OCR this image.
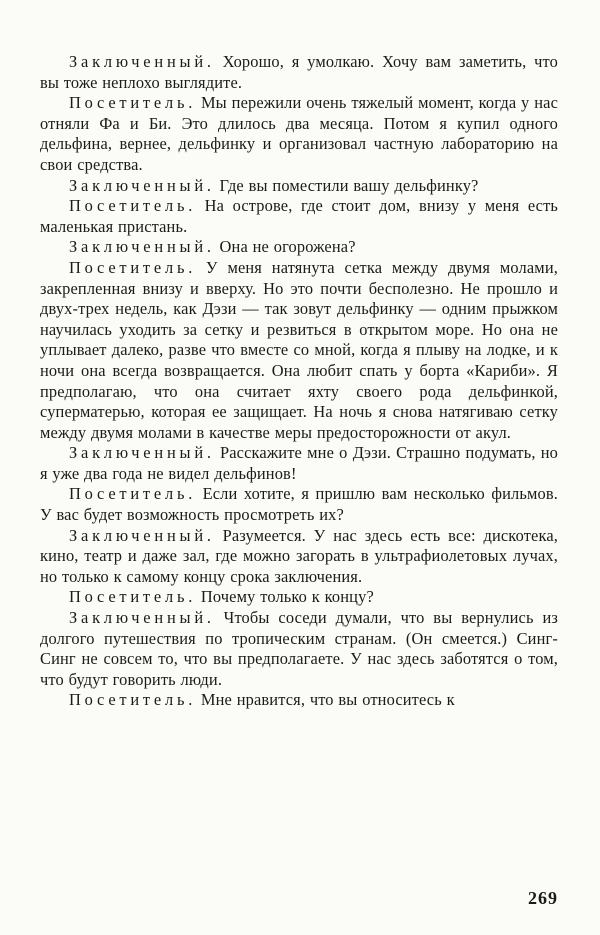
Заключенный. Хорошо, я умолкаю. Хочу вам заметить, что вы тоже неплохо выглядите.

Посетитель. Мы пережили очень тяжелый момент, когда у нас отняли Фа и Би. Это длилось два месяца. Потом я купил одного дельфина, вернее, дельфинку и организовал частную лабораторию на свои средства.

Заключенный. Где вы поместили вашу дельфинку?

Посетитель. На острове, где стоит дом, внизу у меня есть маленькая пристань.

Заключенный. Она не огорожена?

Посетитель. У меня натянута сетка между двумя молами, закрепленная внизу и вверху. Но это почти бесполезно. Не прошло и двух-трех недель, как Дэзи — так зовут дельфинку — одним прыжком научилась уходить за сетку и резвиться в открытом море. Но она не уплывает далеко, разве что вместе со мной, когда я плыву на лодке, и к ночи она всегда возвращается. Она любит спать у борта «Кариби». Я предполагаю, что она считает яхту своего рода дельфинкой, суперматерью, которая ее защищает. На ночь я снова натягиваю сетку между двумя молами в качестве меры предосторожности от акул.

Заключенный. Расскажите мне о Дэзи. Страшно подумать, но я уже два года не видел дельфинов!

Посетитель. Если хотите, я пришлю вам несколько фильмов. У вас будет возможность просмотреть их?

Заключенный. Разумеется. У нас здесь есть все: дискотека, кино, театр и даже зал, где можно загорать в ультрафиолетовых лучах, но только к самому концу срока заключения.

Посетитель. Почему только к концу?

Заключенный. Чтобы соседи думали, что вы вернулись из долгого путешествия по тропическим странам. (Он смеется.) Синг-Синг не совсем то, что вы предполагаете. У нас здесь заботятся о том, что будут говорить люди.

Посетитель. Мне нравится, что вы относитесь к

269
